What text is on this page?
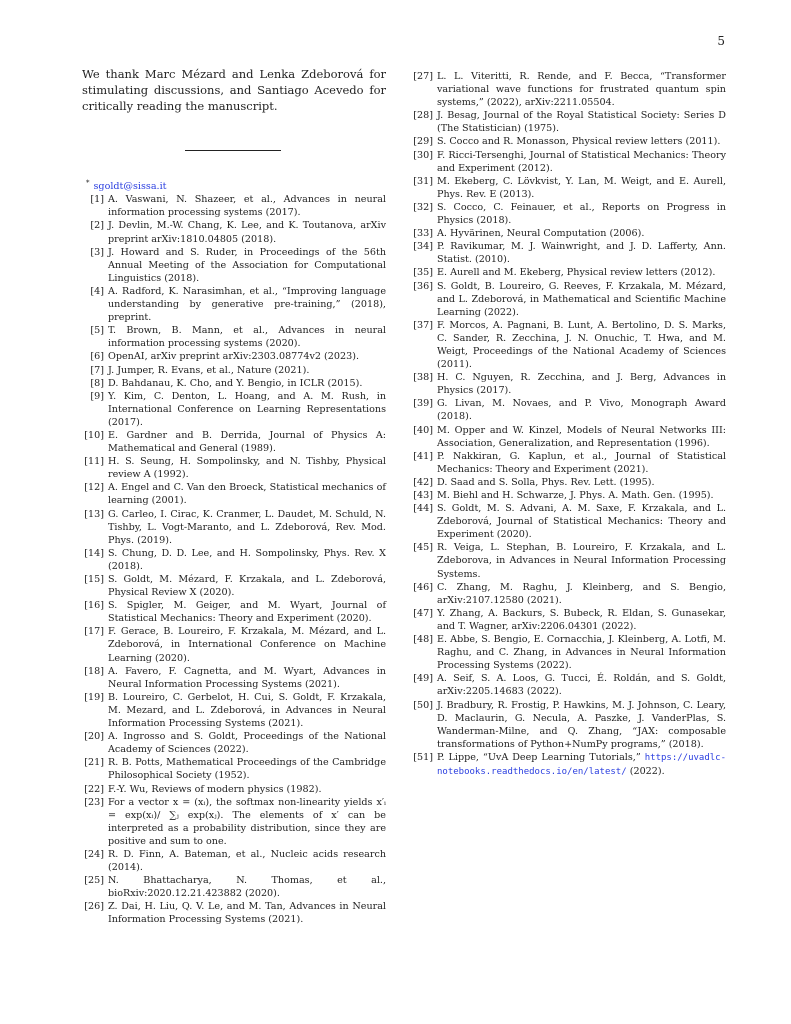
5

We thank Marc Mézard and Lenka Zdeborová for stimulating discussions, and Santiago Acevedo for critically reading the manuscript.

* sgoldt@sissa.it

[1] A. Vaswani, N. Shazeer, et al., Advances in neural information processing systems (2017).
[2] J. Devlin, M.-W. Chang, K. Lee, and K. Toutanova, arXiv preprint arXiv:1810.04805 (2018).
[3] J. Howard and S. Ruder, in Proceedings of the 56th Annual Meeting of the Association for Computational Linguistics (2018).
[4] A. Radford, K. Narasimhan, et al., “Improving language understanding by generative pre-training,” (2018), preprint.
[5] T. Brown, B. Mann, et al., Advances in neural information processing systems (2020).
[6] OpenAI, arXiv preprint arXiv:2303.08774v2 (2023).
[7] J. Jumper, R. Evans, et al., Nature (2021).
[8] D. Bahdanau, K. Cho, and Y. Bengio, in ICLR (2015).
[9] Y. Kim, C. Denton, L. Hoang, and A. M. Rush, in International Conference on Learning Representations (2017).
[10] E. Gardner and B. Derrida, Journal of Physics A: Mathematical and General (1989).
[11] H. S. Seung, H. Sompolinsky, and N. Tishby, Physical review A (1992).
[12] A. Engel and C. Van den Broeck, Statistical mechanics of learning (2001).
[13] G. Carleo, I. Cirac, K. Cranmer, L. Daudet, M. Schuld, N. Tishby, L. Vogt-Maranto, and L. Zdeborová, Rev. Mod. Phys. (2019).
[14] S. Chung, D. D. Lee, and H. Sompolinsky, Phys. Rev. X (2018).
[15] S. Goldt, M. Mézard, F. Krzakala, and L. Zdeborová, Physical Review X (2020).
[16] S. Spigler, M. Geiger, and M. Wyart, Journal of Statistical Mechanics: Theory and Experiment (2020).
[17] F. Gerace, B. Loureiro, F. Krzakala, M. Mézard, and L. Zdeborová, in International Conference on Machine Learning (2020).
[18] A. Favero, F. Cagnetta, and M. Wyart, Advances in Neural Information Processing Systems (2021).
[19] B. Loureiro, C. Gerbelot, H. Cui, S. Goldt, F. Krzakala, M. Mezard, and L. Zdeborová, in Advances in Neural Information Processing Systems (2021).
[20] A. Ingrosso and S. Goldt, Proceedings of the National Academy of Sciences (2022).
[21] R. B. Potts, Mathematical Proceedings of the Cambridge Philosophical Society (1952).
[22] F.-Y. Wu, Reviews of modern physics (1982).
[23] For a vector x = (xᵢ), the softmax non-linearity yields x′ᵢ = exp(xᵢ)/ ∑ⱼ exp(xⱼ). The elements of x′ can be interpreted as a probability distribution, since they are positive and sum to one.
[24] R. D. Finn, A. Bateman, et al., Nucleic acids research (2014).
[25] N. Bhattacharya, N. Thomas, et al., bioRxiv:2020.12.21.423882 (2020).
[26] Z. Dai, H. Liu, Q. V. Le, and M. Tan, Advances in Neural Information Processing Systems (2021).
[27] L. L. Viteritti, R. Rende, and F. Becca, “Transformer variational wave functions for frustrated quantum spin systems,” (2022), arXiv:2211.05504.
[28] J. Besag, Journal of the Royal Statistical Society: Series D (The Statistician) (1975).
[29] S. Cocco and R. Monasson, Physical review letters (2011).
[30] F. Ricci-Tersenghi, Journal of Statistical Mechanics: Theory and Experiment (2012).
[31] M. Ekeberg, C. Lövkvist, Y. Lan, M. Weigt, and E. Aurell, Phys. Rev. E (2013).
[32] S. Cocco, C. Feinauer, et al., Reports on Progress in Physics (2018).
[33] A. Hyvärinen, Neural Computation (2006).
[34] P. Ravikumar, M. J. Wainwright, and J. D. Lafferty, Ann. Statist. (2010).
[35] E. Aurell and M. Ekeberg, Physical review letters (2012).
[36] S. Goldt, B. Loureiro, G. Reeves, F. Krzakala, M. Mézard, and L. Zdeborová, in Mathematical and Scientific Machine Learning (2022).
[37] F. Morcos, A. Pagnani, B. Lunt, A. Bertolino, D. S. Marks, C. Sander, R. Zecchina, J. N. Onuchic, T. Hwa, and M. Weigt, Proceedings of the National Academy of Sciences (2011).
[38] H. C. Nguyen, R. Zecchina, and J. Berg, Advances in Physics (2017).
[39] G. Livan, M. Novaes, and P. Vivo, Monograph Award (2018).
[40] M. Opper and W. Kinzel, Models of Neural Networks III: Association, Generalization, and Representation (1996).
[41] P. Nakkiran, G. Kaplun, et al., Journal of Statistical Mechanics: Theory and Experiment (2021).
[42] D. Saad and S. Solla, Phys. Rev. Lett. (1995).
[43] M. Biehl and H. Schwarze, J. Phys. A. Math. Gen. (1995).
[44] S. Goldt, M. S. Advani, A. M. Saxe, F. Krzakala, and L. Zdeborová, Journal of Statistical Mechanics: Theory and Experiment (2020).
[45] R. Veiga, L. Stephan, B. Loureiro, F. Krzakala, and L. Zdeborova, in Advances in Neural Information Processing Systems.
[46] C. Zhang, M. Raghu, J. Kleinberg, and S. Bengio, arXiv:2107.12580 (2021).
[47] Y. Zhang, A. Backurs, S. Bubeck, R. Eldan, S. Gunasekar, and T. Wagner, arXiv:2206.04301 (2022).
[48] E. Abbe, S. Bengio, E. Cornacchia, J. Kleinberg, A. Lotfi, M. Raghu, and C. Zhang, in Advances in Neural Information Processing Systems (2022).
[49] A. Seif, S. A. Loos, G. Tucci, É. Roldán, and S. Goldt, arXiv:2205.14683 (2022).
[50] J. Bradbury, R. Frostig, P. Hawkins, M. J. Johnson, C. Leary, D. Maclaurin, G. Necula, A. Paszke, J. VanderPlas, S. Wanderman-Milne, and Q. Zhang, “JAX: composable transformations of Python+NumPy programs,” (2018).
[51] P. Lippe, “UvA Deep Learning Tutorials,” https://uvadlc-notebooks.readthedocs.io/en/latest/ (2022).
